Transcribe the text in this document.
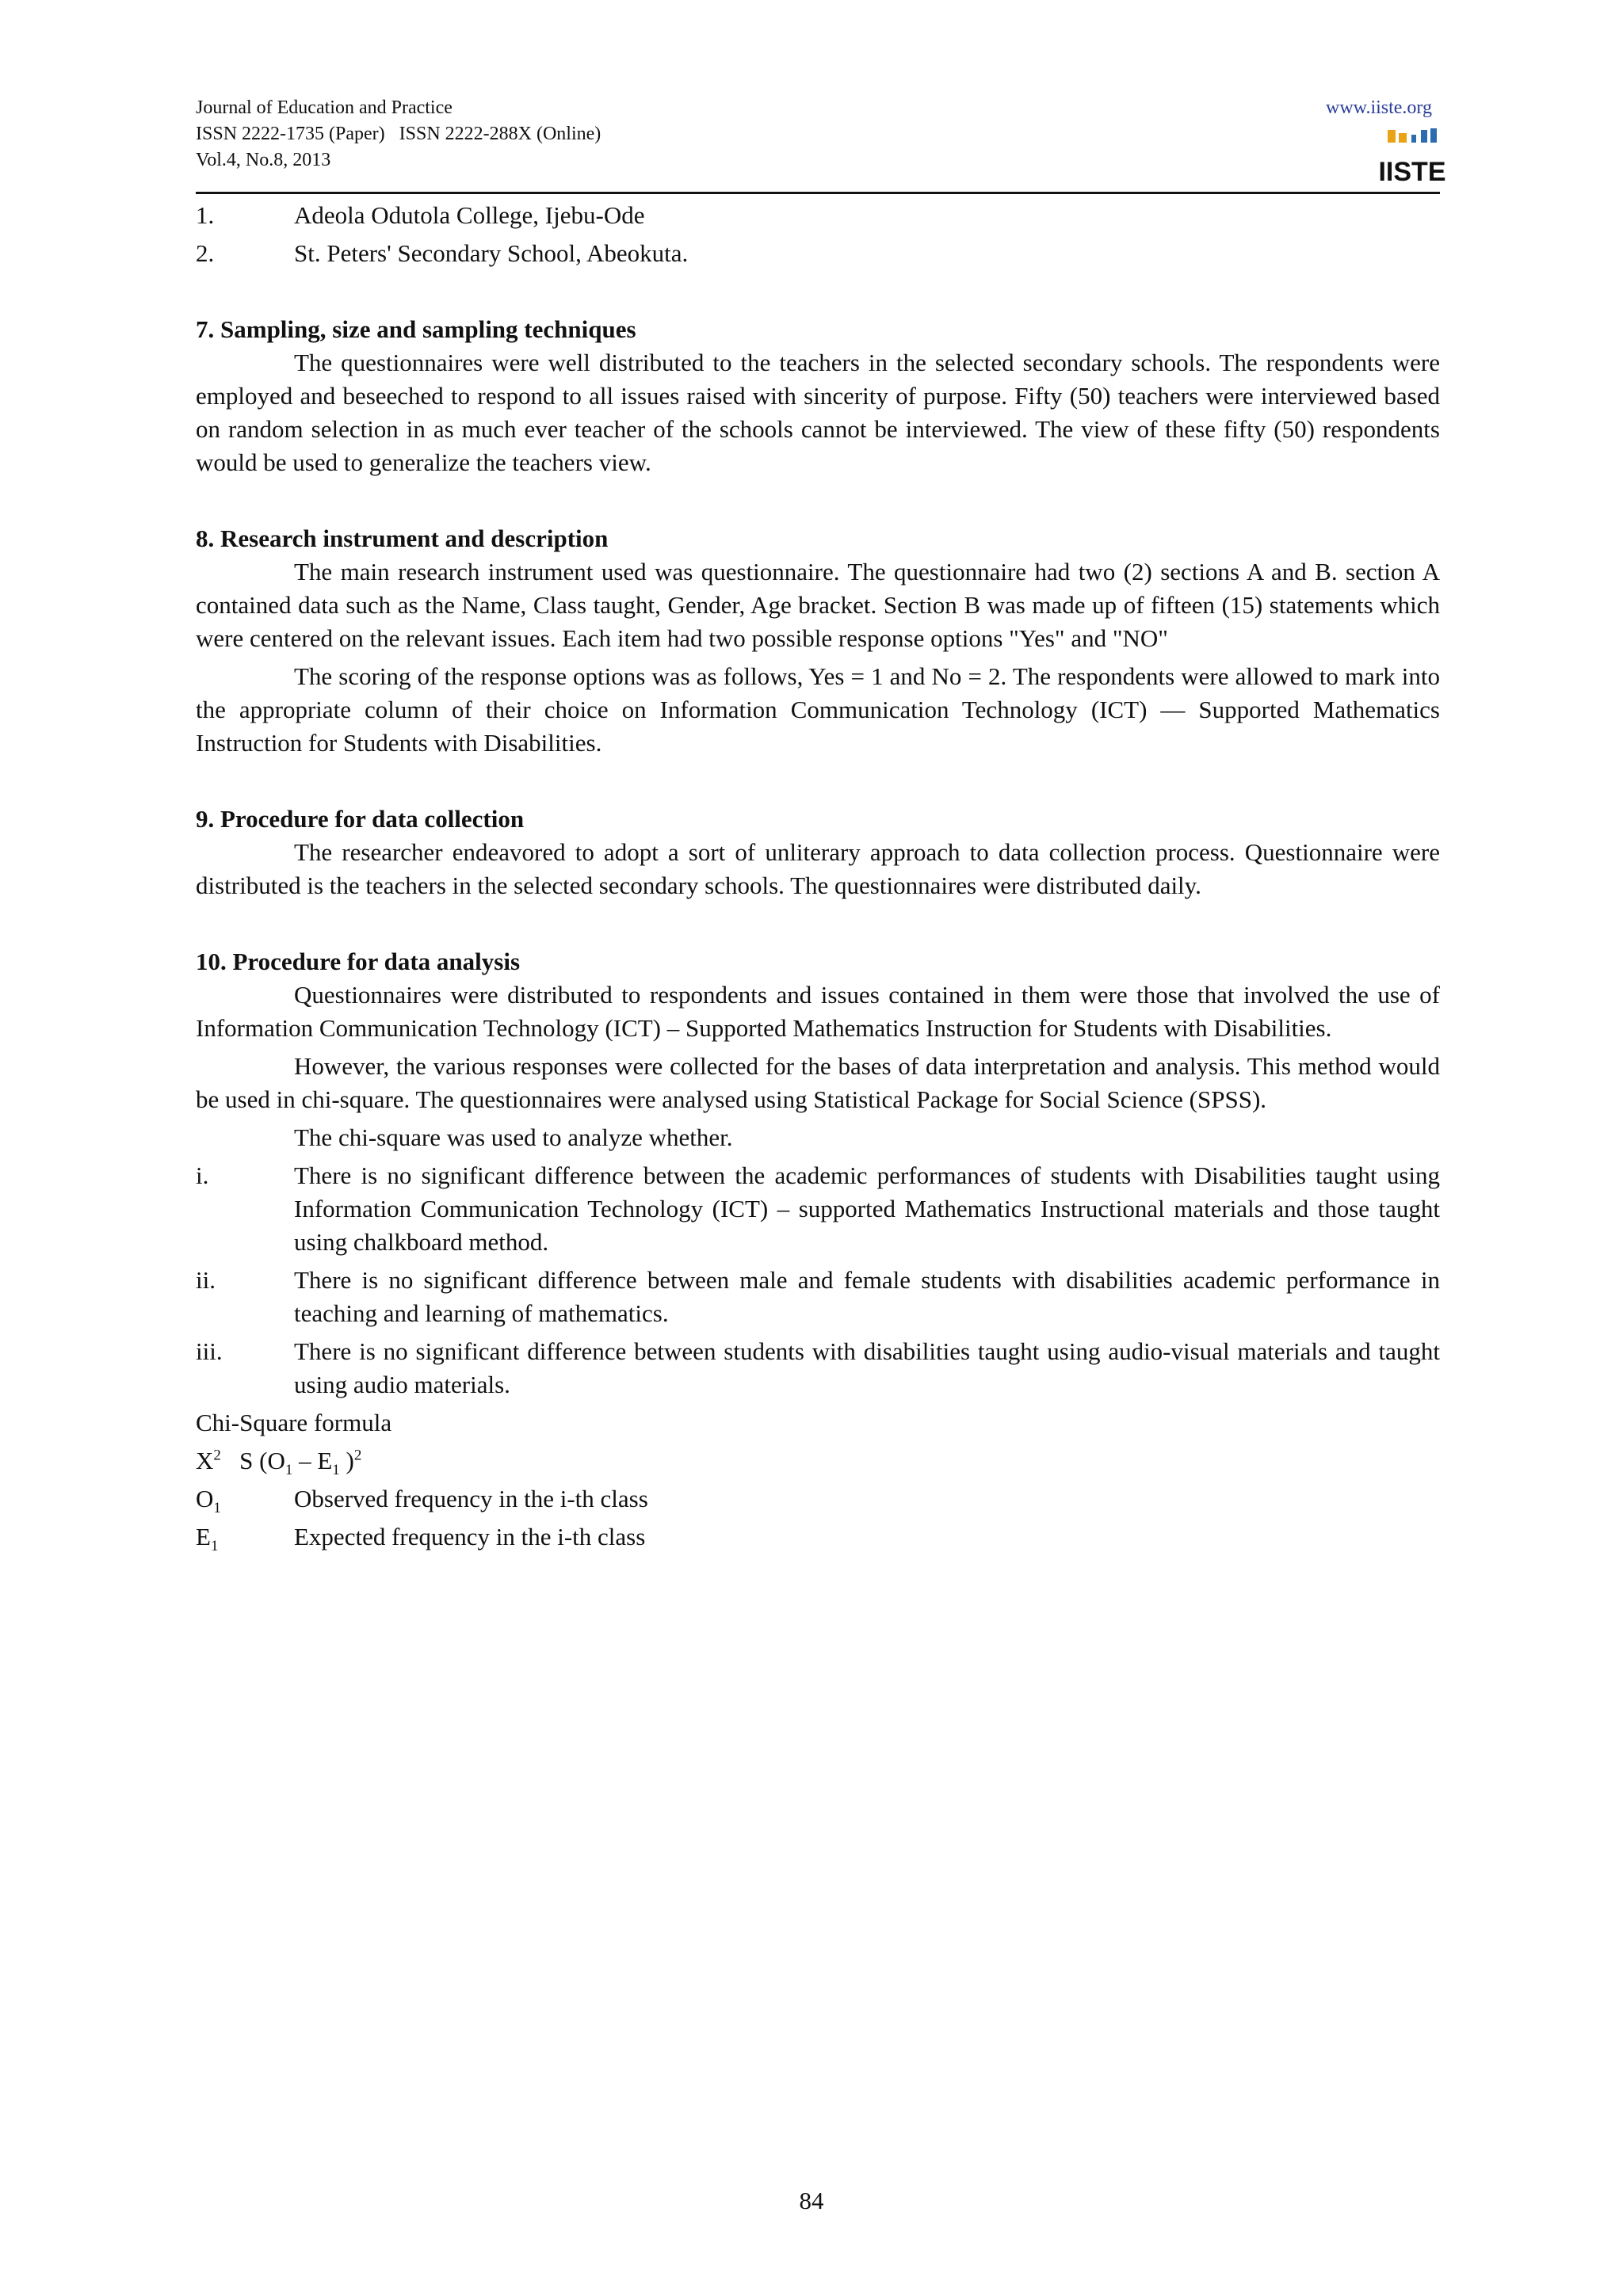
Journal of Education and Practice
ISSN 2222-1735 (Paper)   ISSN 2222-288X (Online)
Vol.4, No.8, 2013
www.iiste.org
IISTE
1.	Adeola Odutola College, Ijebu-Ode
2.	St. Peters' Secondary School, Abeokuta.

7. Sampling, size and sampling techniques

The questionnaires were well distributed to the teachers in the selected secondary schools. The respondents were employed and beseeched to respond to all issues raised with sincerity of purpose. Fifty (50) teachers were interviewed based on random selection in as much ever teacher of the schools cannot be interviewed. The view of these fifty (50) respondents would be used to generalize the teachers view.

8. Research instrument and description

The main research instrument used was questionnaire. The questionnaire had two (2) sections A and B. section A contained data such as the Name, Class taught, Gender, Age bracket. Section B was made up of fifteen (15) statements which were centered on the relevant issues. Each item had two possible response options "Yes" and "NO"

The scoring of the response options was as follows, Yes = 1 and No = 2. The respondents were allowed to mark into the appropriate column of their choice on Information Communication Technology (ICT) — Supported Mathematics Instruction for Students with Disabilities.

9. Procedure for data collection

The researcher endeavored to adopt a sort of unliterary approach to data collection process. Questionnaire were distributed is the teachers in the selected secondary schools. The questionnaires were distributed daily.

10. Procedure for data analysis

Questionnaires were distributed to respondents and issues contained in them were those that involved the use of Information Communication Technology (ICT) – Supported Mathematics Instruction for Students with Disabilities.

However, the various responses were collected for the bases of data interpretation and analysis. This method would be used in chi-square. The questionnaires were analysed using Statistical Package for Social Science (SPSS).

The chi-square was used to analyze whether.

i.	There is no significant difference between the academic performances of students with Disabilities taught using Information Communication Technology (ICT) – supported Mathematics Instructional materials and those taught using chalkboard method.
ii.	There is no significant difference between male and female students with disabilities academic performance in teaching and learning of mathematics.
iii.	There is no significant difference between students with disabilities taught using audio-visual materials and taught using audio materials.

Chi-Square formula

$X^2$ S ($O_1 - E_1$ )$^2$

$O_1$	Observed frequency in the i-th class
$E_1$	Expected frequency in the i-th class
84
